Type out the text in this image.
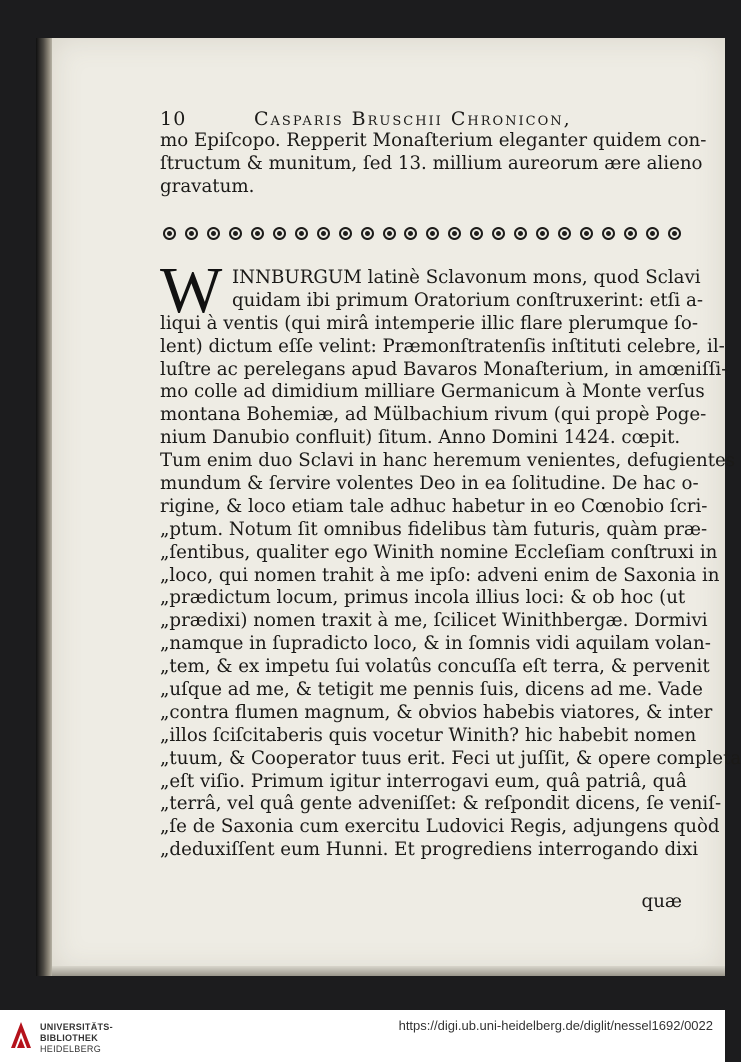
10	Casparis Bruschii Chronicon,
mo Epiſcopo. Repperit Monaſterium eleganter quidem con-
ſtructum & munitum, ſed 13. millium aureorum ære alieno
gravatum.
W INNBURGUM latinè Sclavonum mons, quod Sclavi
quidam ibi primum Oratorium conſtruxerint: etſi a-
liqui à ventis (qui mirâ intemperie illic flare plerumque ſo-
lent) dictum eſſe velint: Præmonſtratenſis inſtituti celebre, il-
luſtre ac perelegans apud Bavaros Monaſterium, in amœniſſi-
mo colle ad dimidium milliare Germanicum à Monte verſus
montana Bohemiæ, ad Mülbachium rivum (qui propè Poge-
nium Danubio confluit) ſitum. Anno Domini 1424. cœpit.
Tum enim duo Sclavi in hanc heremum venientes, defugientes
mundum & ſervire volentes Deo in ea ſolitudine. De hac o-
rigine, & loco etiam tale adhuc habetur in eo Cœnobio ſcri-
„ptum. Notum ſit omnibus fidelibus tàm futuris, quàm præ-
„ſentibus, qualiter ego Winith nomine Eccleſiam conſtruxi in
„loco, qui nomen trahit à me ipſo: adveni enim de Saxonia in
„prædictum locum, primus incola illius loci: & ob hoc (ut
„prædixi) nomen traxit à me, ſcilicet Winithbergæ. Dormivi
„namque in ſupradicto loco, & in ſomnis vidi aquilam volan-
„tem, & ex impetu ſui volatûs concuſſa eſt terra, & pervenit
„uſque ad me, & tetigit me pennis ſuis, dicens ad me. Vade
„contra flumen magnum, & obvios habebis viatores, & inter
„illos ſciſcitaberis quis vocetur Winith? hic habebit nomen
„tuum, & Cooperator tuus erit. Feci ut juſſit, & opere completa
„eſt viſio. Primum igitur interrogavi eum, quâ patriâ, quâ
„terrâ, vel quâ gente adveniſſet: & reſpondit dicens, ſe veniſ-
„ſe de Saxonia cum exercitu Ludovici Regis, adjungens quòd
„deduxiſſent eum Hunni. Et progrediens interrogando dixi
quæ
UNIVERSITÄTS-
BIBLIOTHEK
HEIDELBERG
https://digi.ub.uni-heidelberg.de/diglit/nessel1692/0022
